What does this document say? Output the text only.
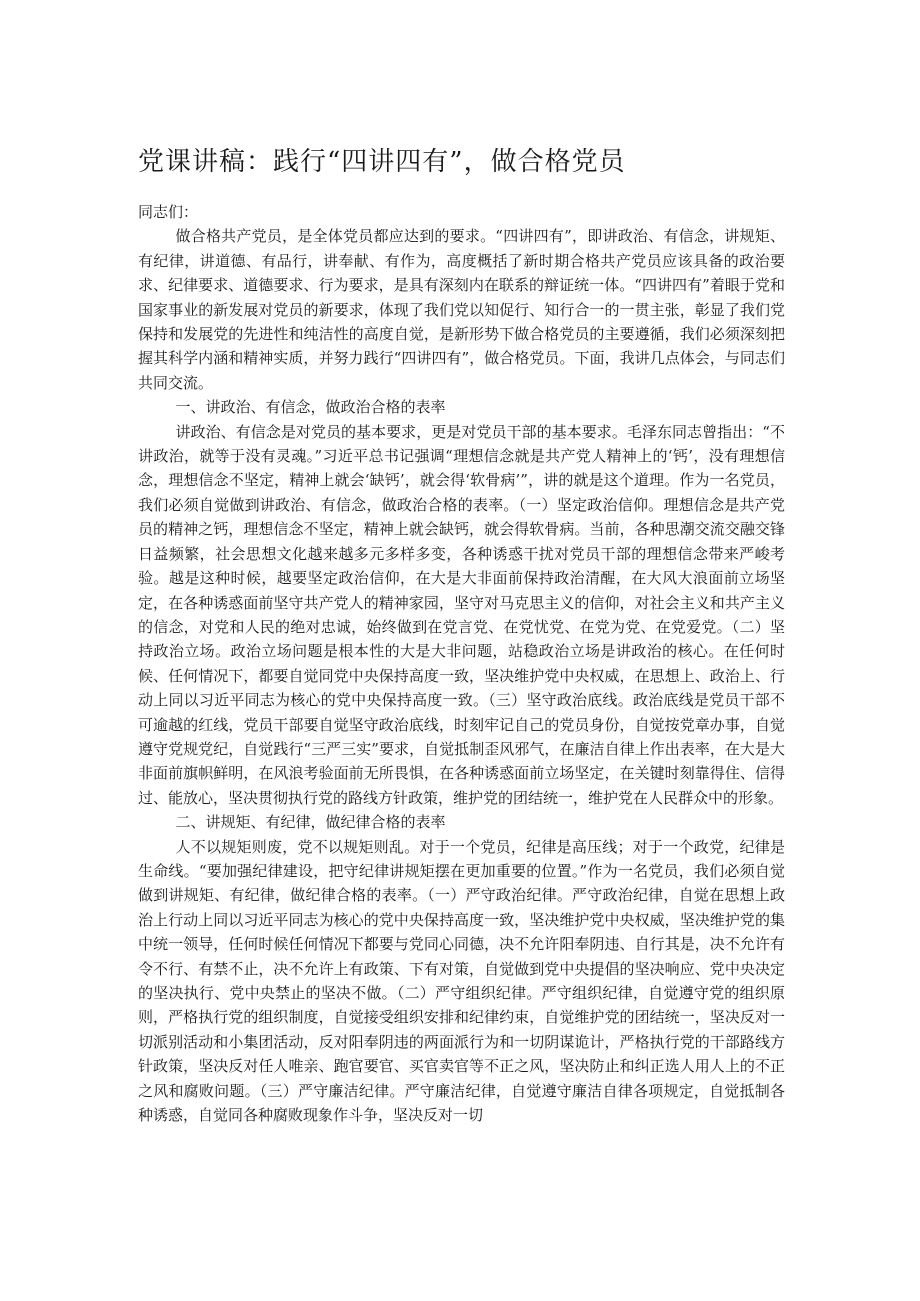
党课讲稿：践行“四讲四有”，做合格党员

同志们：

做合格共产党员，是全体党员都应达到的要求。“四讲四有”，即讲政治、有信念，讲规矩、有纪律，讲道德、有品行，讲奉献、有作为，高度概括了新时期合格共产党员应该具备的政治要求、纪律要求、道德要求、行为要求，是具有深刻内在联系的辩证统一体。“四讲四有”着眼于党和国家事业的新发展对党员的新要求，体现了我们党以知促行、知行合一的一贯主张，彰显了我们党保持和发展党的先进性和纯洁性的高度自觉，是新形势下做合格党员的主要遵循，我们必须深刻把握其科学内涵和精神实质，并努力践行“四讲四有”，做合格党员。下面，我讲几点体会，与同志们共同交流。

一、讲政治、有信念，做政治合格的表率

讲政治、有信念是对党员的基本要求，更是对党员干部的基本要求。毛泽东同志曾指出：“不讲政治，就等于没有灵魂。”习近平总书记强调“理想信念就是共产党人精神上的‘钙’，没有理想信念，理想信念不坚定，精神上就会‘缺钙’，就会得‘软骨病’”，讲的就是这个道理。作为一名党员，我们必须自觉做到讲政治、有信念，做政治合格的表率。（一）坚定政治信仰。理想信念是共产党员的精神之钙，理想信念不坚定，精神上就会缺钙，就会得软骨病。当前，各种思潮交流交融交锋日益频繁，社会思想文化越来越多元多样多变，各种诱惑干扰对党员干部的理想信念带来严峻考验。越是这种时候，越要坚定政治信仰，在大是大非面前保持政治清醒，在大风大浪面前立场坚定，在各种诱惑面前坚守共产党人的精神家园，坚守对马克思主义的信仰，对社会主义和共产主义的信念，对党和人民的绝对忠诚，始终做到在党言党、在党忧党、在党为党、在党爱党。（二）坚持政治立场。政治立场问题是根本性的大是大非问题，站稳政治立场是讲政治的核心。在任何时候、任何情况下，都要自觉同党中央保持高度一致，坚决维护党中央权威，在思想上、政治上、行动上同以习近平同志为核心的党中央保持高度一致。（三）坚守政治底线。政治底线是党员干部不可逾越的红线，党员干部要自觉坚守政治底线，时刻牢记自己的党员身份，自觉按党章办事，自觉遵守党规党纪，自觉践行“三严三实”要求，自觉抵制歪风邪气，在廉洁自律上作出表率，在大是大非面前旗帜鲜明，在风浪考验面前无所畏惧，在各种诱惑面前立场坚定，在关键时刻靠得住、信得过、能放心，坚决贯彻执行党的路线方针政策，维护党的团结统一，维护党在人民群众中的形象。

二、讲规矩、有纪律，做纪律合格的表率

人不以规矩则废，党不以规矩则乱。对于一个党员，纪律是高压线；对于一个政党，纪律是生命线。“要加强纪律建设，把守纪律讲规矩摆在更加重要的位置。”作为一名党员，我们必须自觉做到讲规矩、有纪律，做纪律合格的表率。（一）严守政治纪律。严守政治纪律，自觉在思想上政治上行动上同以习近平同志为核心的党中央保持高度一致，坚决维护党中央权威，坚决维护党的集中统一领导，任何时候任何情况下都要与党同心同德，决不允许阳奉阴违、自行其是，决不允许有令不行、有禁不止，决不允许上有政策、下有对策，自觉做到党中央提倡的坚决响应、党中央决定的坚决执行、党中央禁止的坚决不做。（二）严守组织纪律。严守组织纪律，自觉遵守党的组织原则，严格执行党的组织制度，自觉接受组织安排和纪律约束，自觉维护党的团结统一，坚决反对一切派别活动和小集团活动，反对阳奉阴违的两面派行为和一切阴谋诡计，严格执行党的干部路线方针政策，坚决反对任人唯亲、跑官要官、买官卖官等不正之风，坚决防止和纠正选人用人上的不正之风和腐败问题。（三）严守廉洁纪律。严守廉洁纪律，自觉遵守廉洁自律各项规定，自觉抵制各种诱惑，自觉同各种腐败现象作斗争，坚决反对一切
